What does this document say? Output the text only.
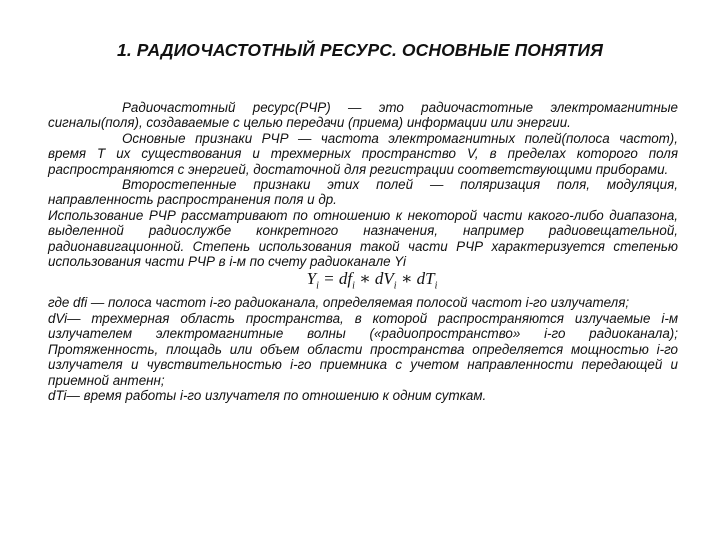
1. РАДИОЧАСТОТНЫЙ РЕСУРС. ОСНОВНЫЕ ПОНЯТИЯ

Радиочастотный ресурс(РЧР) — это радиочастотные электромагнитные сигналы(поля), создаваемые с целью передачи (приема) информации или энергии.

Основные признаки РЧР — частота электромагнитных полей(полоса частот), время Т их существования и трехмерных пространство V, в пределах которого поля распространяются с энергией, достаточной для регистрации соответствующими приборами.

Второстепенные признаки этих полей — поляризация поля, модуляция, направленность распространения поля и др.

Использование РЧР рассматривают по отношению к некоторой части какого-либо диапазона, выделенной радиослужбе конкретного назначения, например радиовещательной, радионавигационной. Степень использования такой части РЧР характеризуется степенью использования части РЧР в i-м по счету радиоканале Yi

$Y_i = df_i$ ∗ $dV_i$ ∗ $dT_i$

где dfi — полоса частот i-го радиоканала, определяемая полосой частот i-го излучателя;

dVi— трехмерная область пространства, в которой распространяются излучаемые i-м излучателем электромагнитные волны («радиопространство» i-го радиоканала); Протяженность, площадь или объем области пространства определяется мощностью i-го излучателя и чувствительностью i-го приемника с учетом направленности передающей и приемной антенн;

dTi— время работы i-го излучателя по отношению к одним суткам.
